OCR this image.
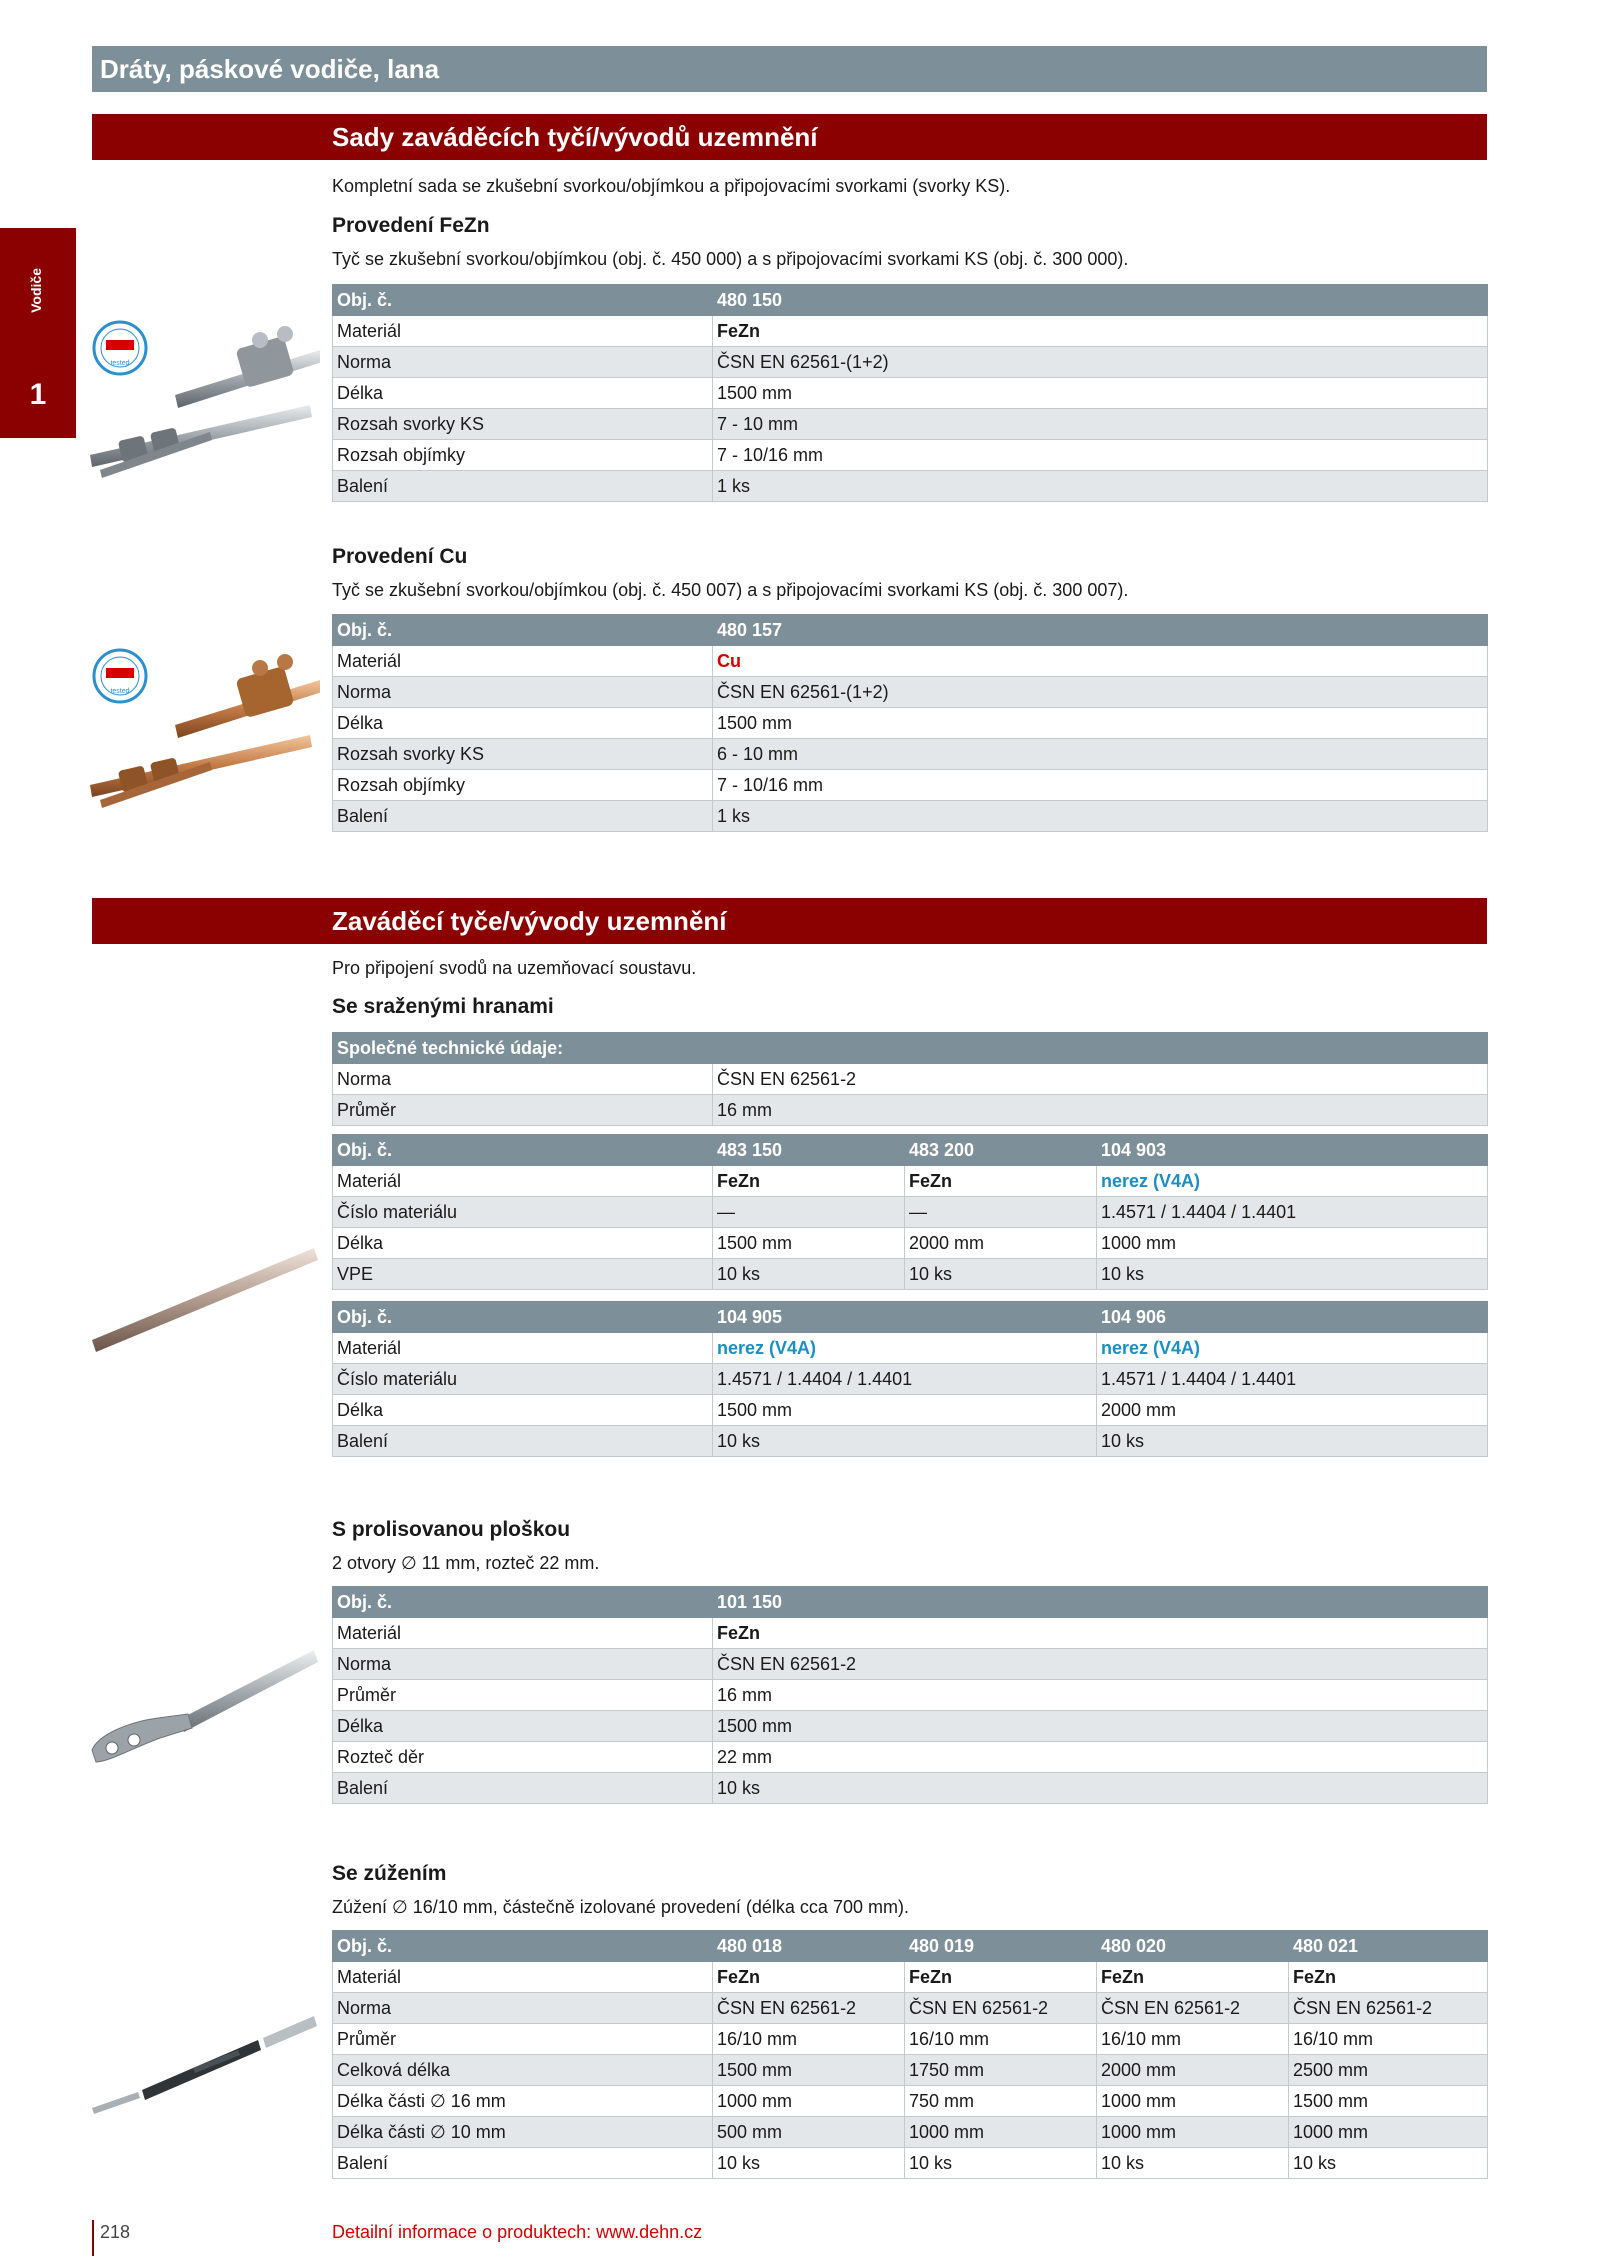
Dráty, páskové vodiče, lana
Vodiče
1
Sady zaváděcích tyčí/vývodů uzemnění
Kompletní sada se zkušební svorkou/objímkou a připojovacími svorkami (svorky KS).
Provedení FeZn
Tyč se zkušební svorkou/objímkou (obj. č. 450 000) a s připojovacími svorkami KS (obj. č. 300 000).
tested
Obj. č.	480 150
Materiál	FeZn
Norma	ČSN EN 62561-(1+2)
Délka	1500 mm
Rozsah svorky KS	7 - 10 mm
Rozsah objímky	7 - 10/16 mm
Balení	1 ks
Provedení Cu
Tyč se zkušební svorkou/objímkou (obj. č. 450 007) a s připojovacími svorkami KS (obj. č. 300 007).
tested
Obj. č.	480 157
Materiál	Cu
Norma	ČSN EN 62561-(1+2)
Délka	1500 mm
Rozsah svorky KS	6 - 10 mm
Rozsah objímky	7 - 10/16 mm
Balení	1 ks
Zaváděcí tyče/vývody uzemnění
Pro připojení svodů na uzemňovací soustavu.
Se sraženými hranami
Společné technické údaje:	
Norma	ČSN EN 62561-2
Průměr	16 mm
Obj. č.	483 150	483 200	104 903
Materiál	FeZn	FeZn	nerez (V4A)
Číslo materiálu	—	—	1.4571 / 1.4404 / 1.4401
Délka	1500 mm	2000 mm	1000 mm
VPE	10 ks	10 ks	10 ks
Obj. č.	104 905	104 906
Materiál	nerez (V4A)	nerez (V4A)
Číslo materiálu	1.4571 / 1.4404 / 1.4401	1.4571 / 1.4404 / 1.4401
Délka	1500 mm	2000 mm
Balení	10 ks	10 ks
S prolisovanou ploškou
2 otvory ∅ 11 mm, rozteč 22 mm.
Obj. č.	101 150
Materiál	FeZn
Norma	ČSN EN 62561-2
Průměr	16 mm
Délka	1500 mm
Rozteč děr	22 mm
Balení	10 ks
Se zúžením
Zúžení ∅ 16/10 mm, částečně izolované provedení (délka cca 700 mm).
Obj. č.	480 018	480 019	480 020	480 021
Materiál	FeZn	FeZn	FeZn	FeZn
Norma	ČSN EN 62561-2	ČSN EN 62561-2	ČSN EN 62561-2	ČSN EN 62561-2
Průměr	16/10 mm	16/10 mm	16/10 mm	16/10 mm
Celková délka	1500 mm	1750 mm	2000 mm	2500 mm
Délka části ∅ 16 mm	1000 mm	750 mm	1000 mm	1500 mm
Délka části ∅ 10 mm	500 mm	1000 mm	1000 mm	1000 mm
Balení	10 ks	10 ks	10 ks	10 ks
218	Detailní informace o produktech: www.dehn.cz
